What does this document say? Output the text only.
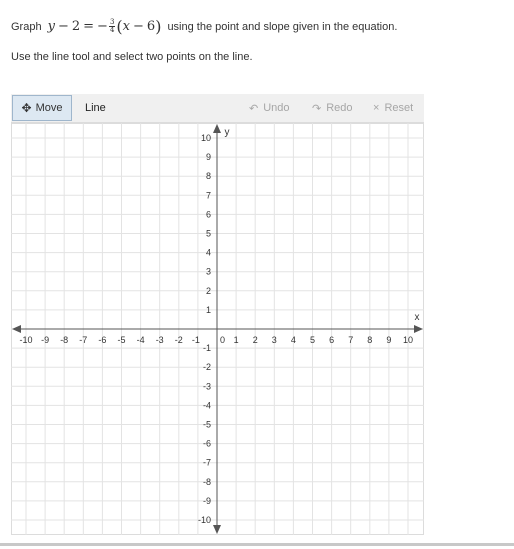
Graph y − 2 = − $\frac{3}{4}$ ( x − 6 ) using the point and slope given in the equation.
Use the line tool and select two points on the line.
✥ Move Line	↶ Undo ↷ Redo × Reset
-10 -9 -8 -7 -6 -5 -4 -3 -2 -1 0 1 2 3 4 5 6 7 8 9 10
-10
-9
-8
-7
-6
-5
-4
-3
-2
-1
1
2
3
4
5
6
7
8
9
10
x
y
